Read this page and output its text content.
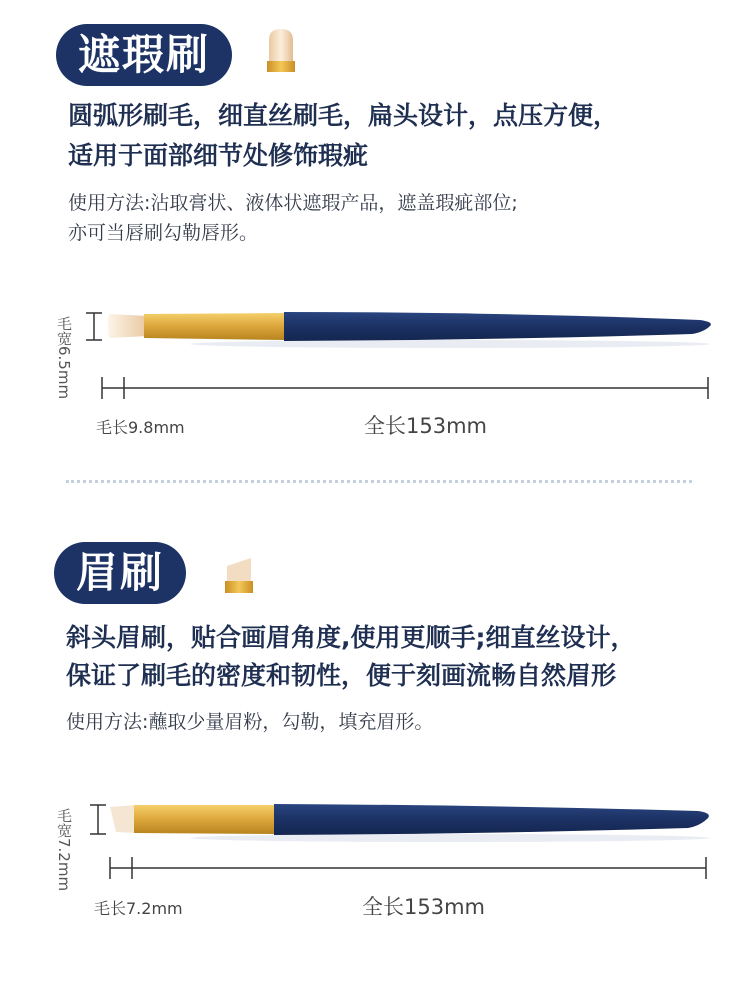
遮瑕刷
圆弧形刷毛，细直丝刷毛，扁头设计，点压方便，
适用于面部细节处修饰瑕疵
使用方法:沾取膏状、液体状遮瑕产品，遮盖瑕疵部位;
亦可当唇刷勾勒唇形。
毛宽6.5mm
毛长9.8mm	全长153mm
眉刷
斜头眉刷，贴合画眉角度,使用更顺手;细直丝设计，
保证了刷毛的密度和韧性，便于刻画流畅自然眉形
使用方法:蘸取少量眉粉，勾勒，填充眉形。
毛宽7.2mm
毛长7.2mm	全长153mm
